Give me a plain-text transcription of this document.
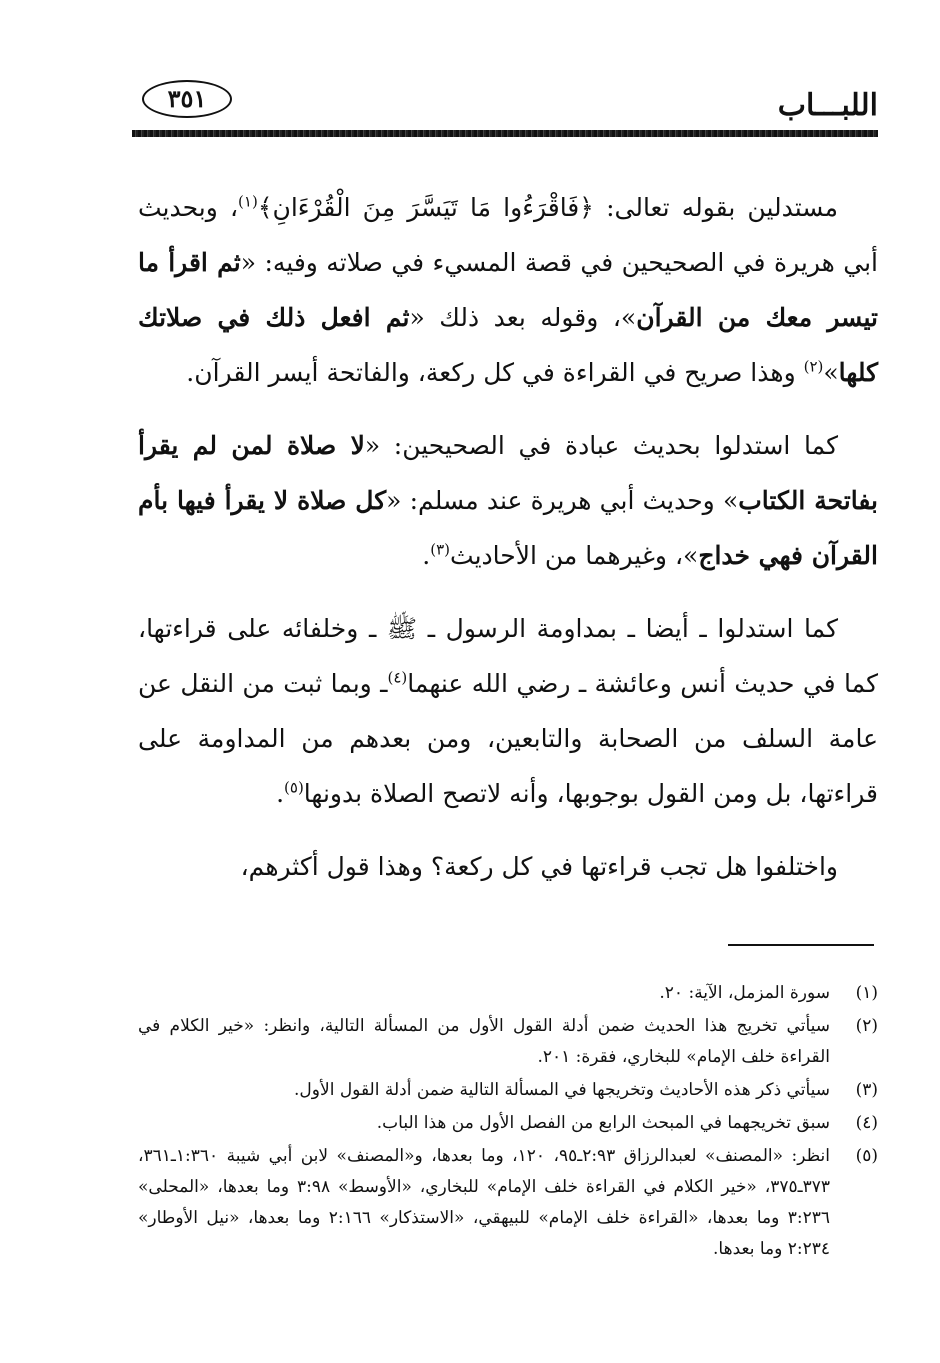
اللبـــاب
٣٥١

مستدلين بقوله تعالى: ﴿فَاقْرَءُوا مَا تَيَسَّرَ مِنَ الْقُرْءَانِ﴾$^{(١)}$، وبحديث أبي هريرة في الصحيحين في قصة المسيء في صلاته وفيه: «ثم اقرأ ما تيسر معك من القرآن»، وقوله بعد ذلك «ثم افعل ذلك في صلاتك كلها»$^{(٢)}$ وهذا صريح في القراءة في كل ركعة، والفاتحة أيسر القرآن.

كما استدلوا بحديث عبادة في الصحيحين: «لا صلاة لمن لم يقرأ بفاتحة الكتاب» وحديث أبي هريرة عند مسلم: «كل صلاة لا يقرأ فيها بأم القرآن فهي خداج»، وغيرهما من الأحاديث$^{(٣)}$.

كما استدلوا ـ أيضا ـ بمداومة الرسول ـ ﷺ ـ وخلفائه على قراءتها، كما في حديث أنس وعائشة ـ رضي الله عنهما$^{(٤)}$ـ وبما ثبت من النقل عن عامة السلف من الصحابة والتابعين، ومن بعدهم من المداومة على قراءتها، بل ومن القول بوجوبها، وأنه لاتصح الصلاة بدونها$^{(٥)}$.

واختلفوا هل تجب قراءتها في كل ركعة؟ وهذا قول أكثرهم،

(١)
سورة المزمل، الآية: ٢٠.
(٢)
سيأتي تخريج هذا الحديث ضمن أدلة القول الأول من المسألة التالية، وانظر: «خير الكلام في القراءة خلف الإمام» للبخاري، فقرة: ٢٠١.
(٣)
سيأتي ذكر هذه الأحاديث وتخريجها في المسألة التالية ضمن أدلة القول الأول.
(٤)
سبق تخريجهما في المبحث الرابع من الفصل الأول من هذا الباب.
(٥)
انظر: «المصنف» لعبدالرزاق ٢:٩٣ـ٩٥، ١٢٠، وما بعدها، و«المصنف» لابن أبي شيبة ١:٣٦٠ـ٣٦١، ٣٧٣ـ٣٧٥، «خير الكلام في القراءة خلف الإمام» للبخاري، «الأوسط» ٣:٩٨ وما بعدها، «المحلى» ٣:٢٣٦ وما بعدها، «القراءة خلف الإمام» للبيهقي، «الاستذكار» ٢:١٦٦ وما بعدها، «نيل الأوطار» ٢:٢٣٤ وما بعدها.
